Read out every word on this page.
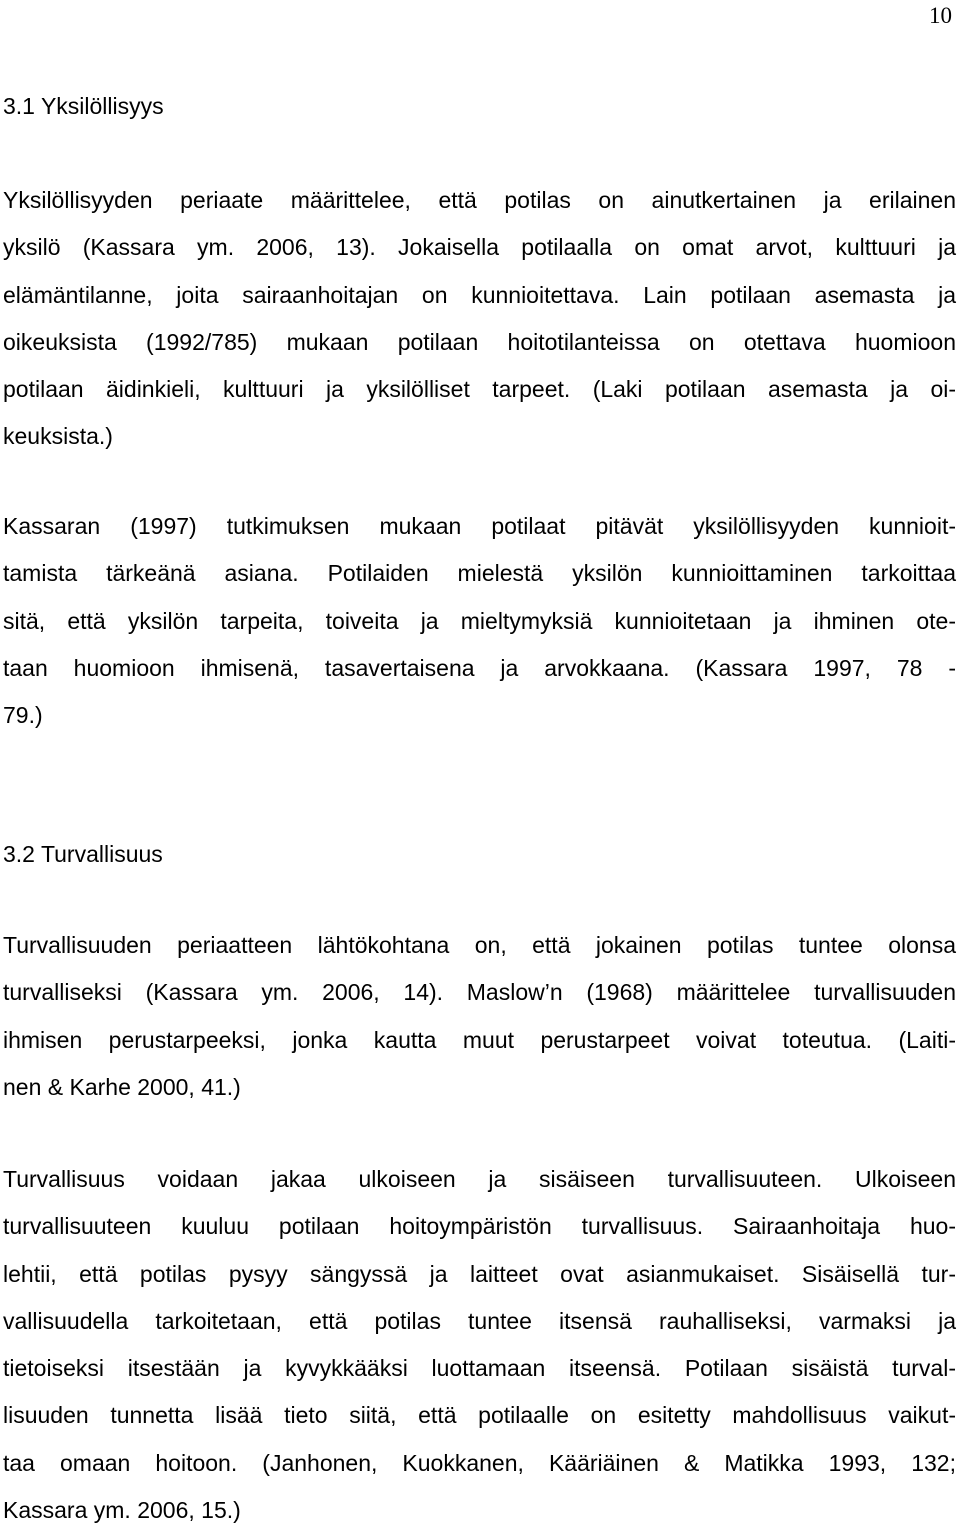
10
3.1 Yksilöllisyys

Yksilöllisyyden periaate määrittelee, että potilas on ainutkertainen ja erilainen
yksilö (Kassara ym. 2006, 13). Jokaisella potilaalla on omat arvot, kulttuuri ja
elämäntilanne, joita sairaanhoitajan on kunnioitettava. Lain potilaan asemasta ja
oikeuksista (1992/785) mukaan potilaan hoitotilanteissa on otettava huomioon
potilaan äidinkieli, kulttuuri ja yksilölliset tarpeet. (Laki potilaan asemasta ja oi-
keuksista.)

Kassaran (1997) tutkimuksen mukaan potilaat pitävät yksilöllisyyden kunnioit-
tamista tärkeänä asiana. Potilaiden mielestä yksilön kunnioittaminen tarkoittaa
sitä, että yksilön tarpeita, toiveita ja mieltymyksiä kunnioitetaan ja ihminen ote-
taan huomioon ihmisenä, tasavertaisena ja arvokkaana. (Kassara 1997, 78 -
79.)

3.2 Turvallisuus

Turvallisuuden periaatteen lähtökohtana on, että jokainen potilas tuntee olonsa
turvalliseksi (Kassara ym. 2006, 14). Maslow’n (1968) määrittelee turvallisuuden
ihmisen perustarpeeksi, jonka kautta muut perustarpeet voivat toteutua. (Laiti-
nen & Karhe 2000, 41.)

Turvallisuus voidaan jakaa ulkoiseen ja sisäiseen turvallisuuteen. Ulkoiseen
turvallisuuteen kuuluu potilaan hoitoympäristön turvallisuus. Sairaanhoitaja huo-
lehtii, että potilas pysyy sängyssä ja laitteet ovat asianmukaiset. Sisäisellä tur-
vallisuudella tarkoitetaan, että potilas tuntee itsensä rauhalliseksi, varmaksi ja
tietoiseksi itsestään ja kyvykkääksi luottamaan itseensä. Potilaan sisäistä turval-
lisuuden tunnetta lisää tieto siitä, että potilaalle on esitetty mahdollisuus vaikut-
taa omaan hoitoon. (Janhonen, Kuokkanen, Kääriäinen & Matikka 1993, 132;
Kassara ym. 2006, 15.)
